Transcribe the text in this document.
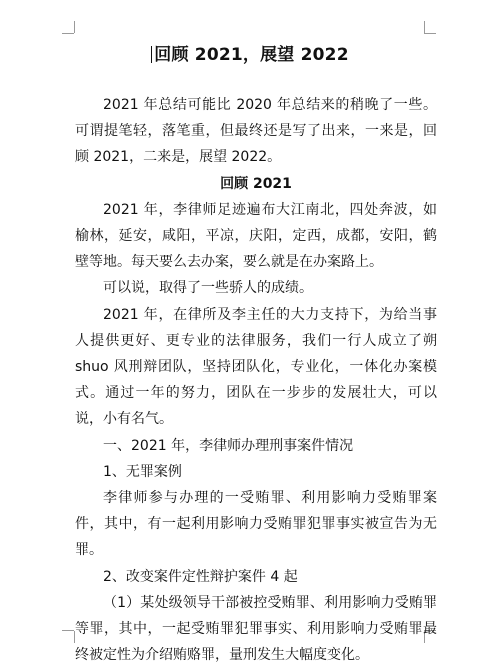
回顾 2021，展望 2022

2021 年总结可能比 2020 年总结来的稍晚了一些。可谓提笔轻，落笔重，但最终还是写了出来，一来是，回顾 2021，二来是，展望 2022。

回顾 2021

2021 年，李律师足迹遍布大江南北，四处奔波，如榆林，延安，咸阳，平凉，庆阳，定西，成都，安阳，鹤壁等地。每天要么去办案，要么就是在办案路上。

可以说，取得了一些骄人的成绩。

2021 年，在律所及李主任的大力支持下，为给当事人提供更好、更专业的法律服务，我们一行人成立了朔 shuo 风刑辩团队，坚持团队化，专业化，一体化办案模式。通过一年的努力，团队在一步步的发展壮大，可以说，小有名气。

一、2021 年，李律师办理刑事案件情况

1、无罪案例

李律师参与办理的一受贿罪、利用影响力受贿罪案件，其中，有一起利用影响力受贿罪犯罪事实被宣告为无罪。

2、改变案件定性辩护案件 4 起

（1）某处级领导干部被控受贿罪、利用影响力受贿罪等罪，其中，一起受贿罪犯罪事实、利用影响力受贿罪最终被定性为介绍贿赂罪，量刑发生大幅度变化。
